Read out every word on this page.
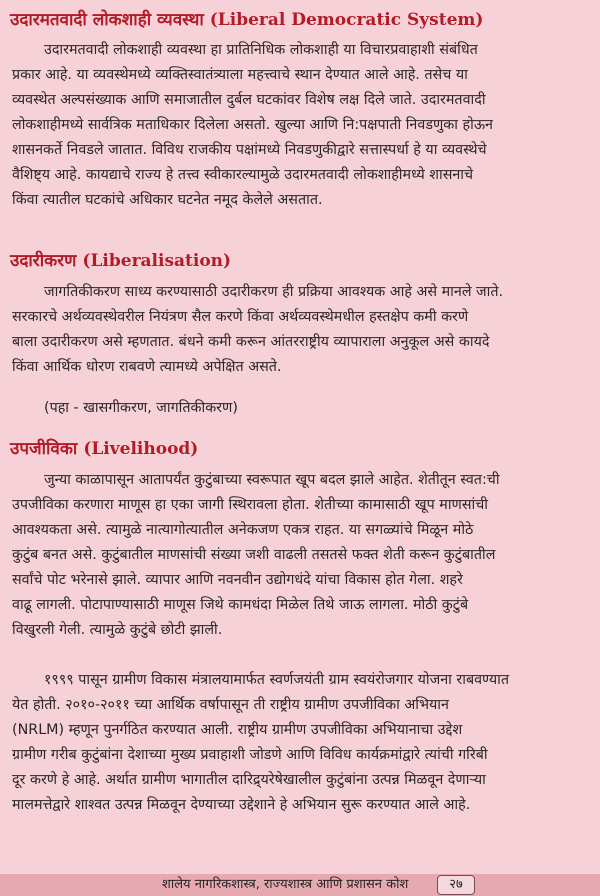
उदारमतवादी लोकशाही व्यवस्था (Liberal Democratic System)
उदारमतवादी लोकशाही व्यवस्था हा प्रातिनिधिक लोकशाही या विचारप्रवाहाशी संबंधित
प्रकार आहे. या व्यवस्थेमध्ये व्यक्तिस्वातंत्र्याला महत्त्वाचे स्थान देण्यात आले आहे. तसेच या
व्यवस्थेत अल्पसंख्याक आणि समाजातील दुर्बल घटकांवर विशेष लक्ष दिले जाते. उदारमतवादी
लोकशाहीमध्ये सार्वत्रिक मताधिकार दिलेला असतो. खुल्या आणि नि:पक्षपाती निवडणुका होऊन
शासनकर्ते निवडले जातात. विविध राजकीय पक्षांमध्ये निवडणुकीद्वारे सत्तास्पर्धा हे या व्यवस्थेचे
वैशिष्ट्य आहे. कायद्याचे राज्य हे तत्त्व स्वीकारल्यामुळे उदारमतवादी लोकशाहीमध्ये शासनाचे
किंवा त्यातील घटकांचे अधिकार घटनेत नमूद केलेले असतात.
उदारीकरण (Liberalisation)
जागतिकीकरण साध्य करण्यासाठी उदारीकरण ही प्रक्रिया आवश्यक आहे असे मानले जाते.
सरकारचे अर्थव्यवस्थेवरील नियंत्रण सैल करणे किंवा अर्थव्यवस्थेमधील हस्तक्षेप कमी करणे
बाला उदारीकरण असे म्हणतात. बंधने कमी करून आंतरराष्ट्रीय व्यापाराला अनुकूल असे कायदे
किंवा आर्थिक धोरण राबवणे त्यामध्ये अपेक्षित असते.
(पहा - खासगीकरण, जागतिकीकरण)
उपजीविका (Livelihood)
जुन्या काळापासून आतापर्यंत कुटुंबाच्या स्वरूपात खूप बदल झाले आहेत. शेतीतून स्वत:ची
उपजीविका करणारा माणूस हा एका जागी स्थिरावला होता. शेतीच्या कामासाठी खूप माणसांची
आवश्यकता असे. त्यामुळे नात्यागोत्यातील अनेकजण एकत्र राहत. या सगळ्यांचे मिळून मोठे
कुटुंब बनत असे. कुटुंबातील माणसांची संख्या जशी वाढली तसतसे फक्त शेती करून कुटुंबातील
सर्वांचे पोट भरेनासे झाले. व्यापार आणि नवनवीन उद्योगधंदे यांचा विकास होत गेला. शहरे
वाढू लागली. पोटापाण्यासाठी माणूस जिथे कामधंदा मिळेल तिथे जाऊ लागला. मोठी कुटुंबे
विखुरली गेली. त्यामुळे कुटुंबे छोटी झाली.
१९९९ पासून ग्रामीण विकास मंत्रालयामार्फत स्वर्णजयंती ग्राम स्वयंरोजगार योजना राबवण्यात
येत होती. २०१०-२०११ च्या आर्थिक वर्षापासून ती राष्ट्रीय ग्रामीण उपजीविका अभियान
(NRLM) म्हणून पुनर्गठित करण्यात आली. राष्ट्रीय ग्रामीण उपजीविका अभियानाचा उद्देश
ग्रामीण गरीब कुटुंबांना देशाच्या मुख्य प्रवाहाशी जोडणे आणि विविध कार्यक्रमांद्वारे त्यांची गरिबी
दूर करणे हे आहे. अर्थात ग्रामीण भागातील दारिद्र्यरेषेखालील कुटुंबांना उत्पन्न मिळवून देणाऱ्या
मालमत्तेद्वारे शाश्वत उत्पन्न मिळवून देण्याच्या उद्देशाने हे अभियान सुरू करण्यात आले आहे.
शालेय नागरिकशास्त्र, राज्यशास्त्र आणि प्रशासन कोश	२७
